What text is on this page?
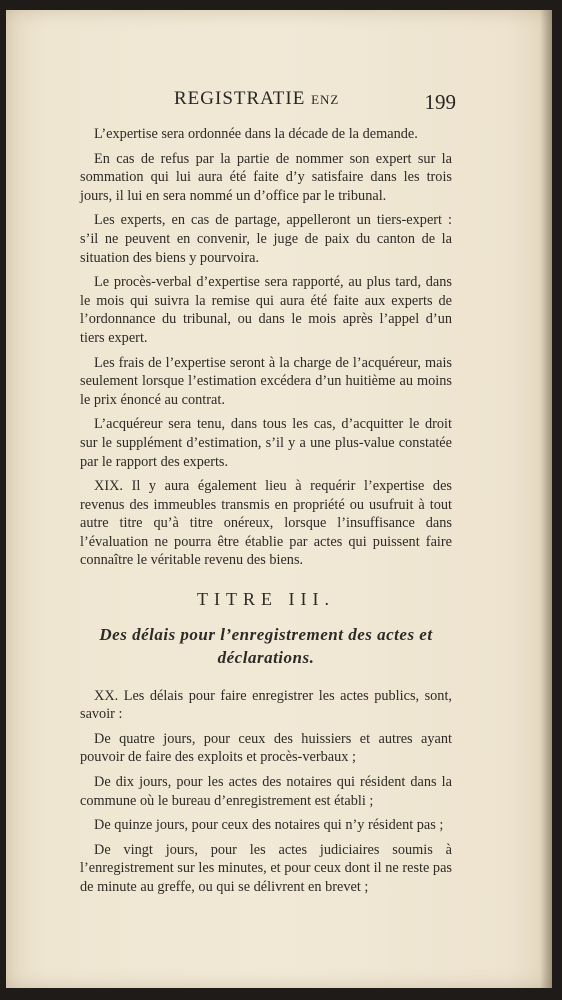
REGISTRATIE ENZ	199

L’expertise sera ordonnée dans la décade de la demande.

En cas de refus par la partie de nommer son expert sur la sommation qui lui aura été faite d’y satisfaire dans les trois jours, il lui en sera nommé un d’office par le tribunal.

Les experts, en cas de partage, appelleront un tiers-expert : s’il ne peuvent en convenir, le juge de paix du canton de la situation des biens y pourvoira.

Le procès-verbal d’expertise sera rapporté, au plus tard, dans le mois qui suivra la remise qui aura été faite aux experts de l’ordonnance du tribunal, ou dans le mois après l’appel d’un tiers expert.

Les frais de l’expertise seront à la charge de l’acquéreur, mais seulement lorsque l’estimation excédera d’un huitième au moins le prix énoncé au contrat.

L’acquéreur sera tenu, dans tous les cas, d’acquitter le droit sur le supplément d’estimation, s’il y a une plus-value constatée par le rapport des experts.

XIX. Il y aura également lieu à requérir l’expertise des revenus des immeubles transmis en propriété ou usufruit à tout autre titre qu’à titre onéreux, lorsque l’insuffisance dans l’évaluation ne pourra être établie par actes qui puissent faire connaître le véritable revenu des biens.

TITRE III.

Des délais pour l’enregistrement des actes et déclarations.

XX. Les délais pour faire enregistrer les actes publics, sont, savoir :

De quatre jours, pour ceux des huissiers et autres ayant pouvoir de faire des exploits et procès-verbaux ;

De dix jours, pour les actes des notaires qui résident dans la commune où le bureau d’enregistrement est établi ;

De quinze jours, pour ceux des notaires qui n’y résident pas ;

De vingt jours, pour les actes judiciaires soumis à l’enregistrement sur les minutes, et pour ceux dont il ne reste pas de minute au greffe, ou qui se délivrent en brevet ;
